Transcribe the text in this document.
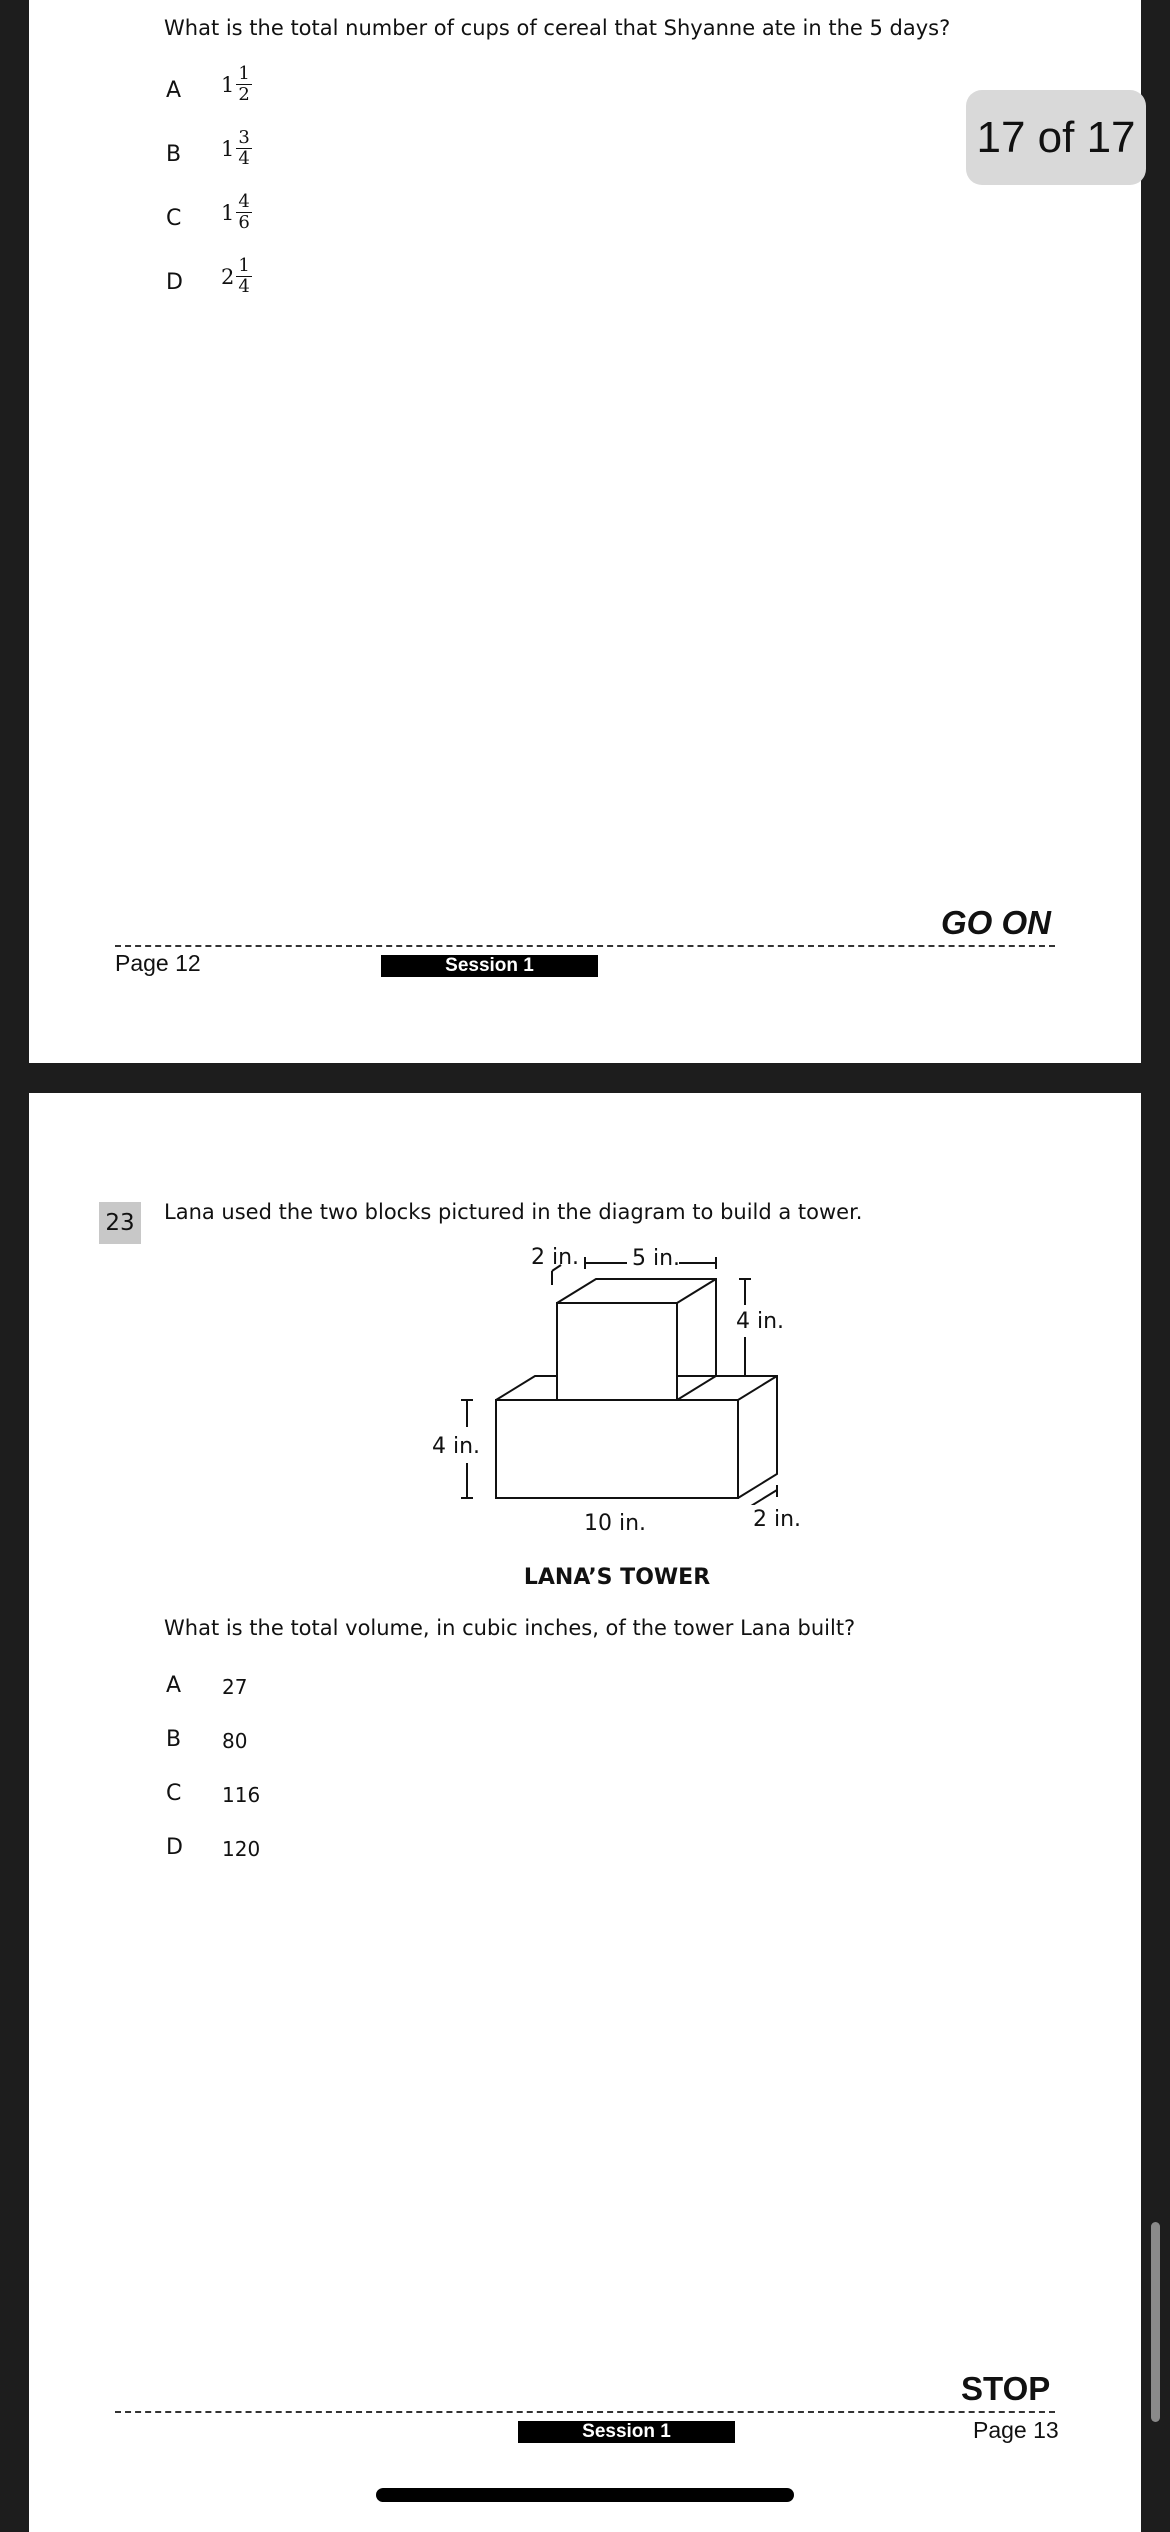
What is the total number of cups of cereal that Shyanne ate in the 5 days?
A $1 \frac{1}{2}$
B $1 \frac{3}{4}$
C $1 \frac{4}{6}$
D $2 \frac{1}{4}$
GO ON
Page 12	Session 1
23	Lana used the two blocks pictured in the diagram to build a tower.
2 in. 5 in.
4 in.
4 in.
10 in.	2 in.
LANA’S TOWER
What is the total volume, in cubic inches, of the tower Lana built?
A 27
B 80
C 116
D 120
STOP
Session 1	Page 13
17 of 17
